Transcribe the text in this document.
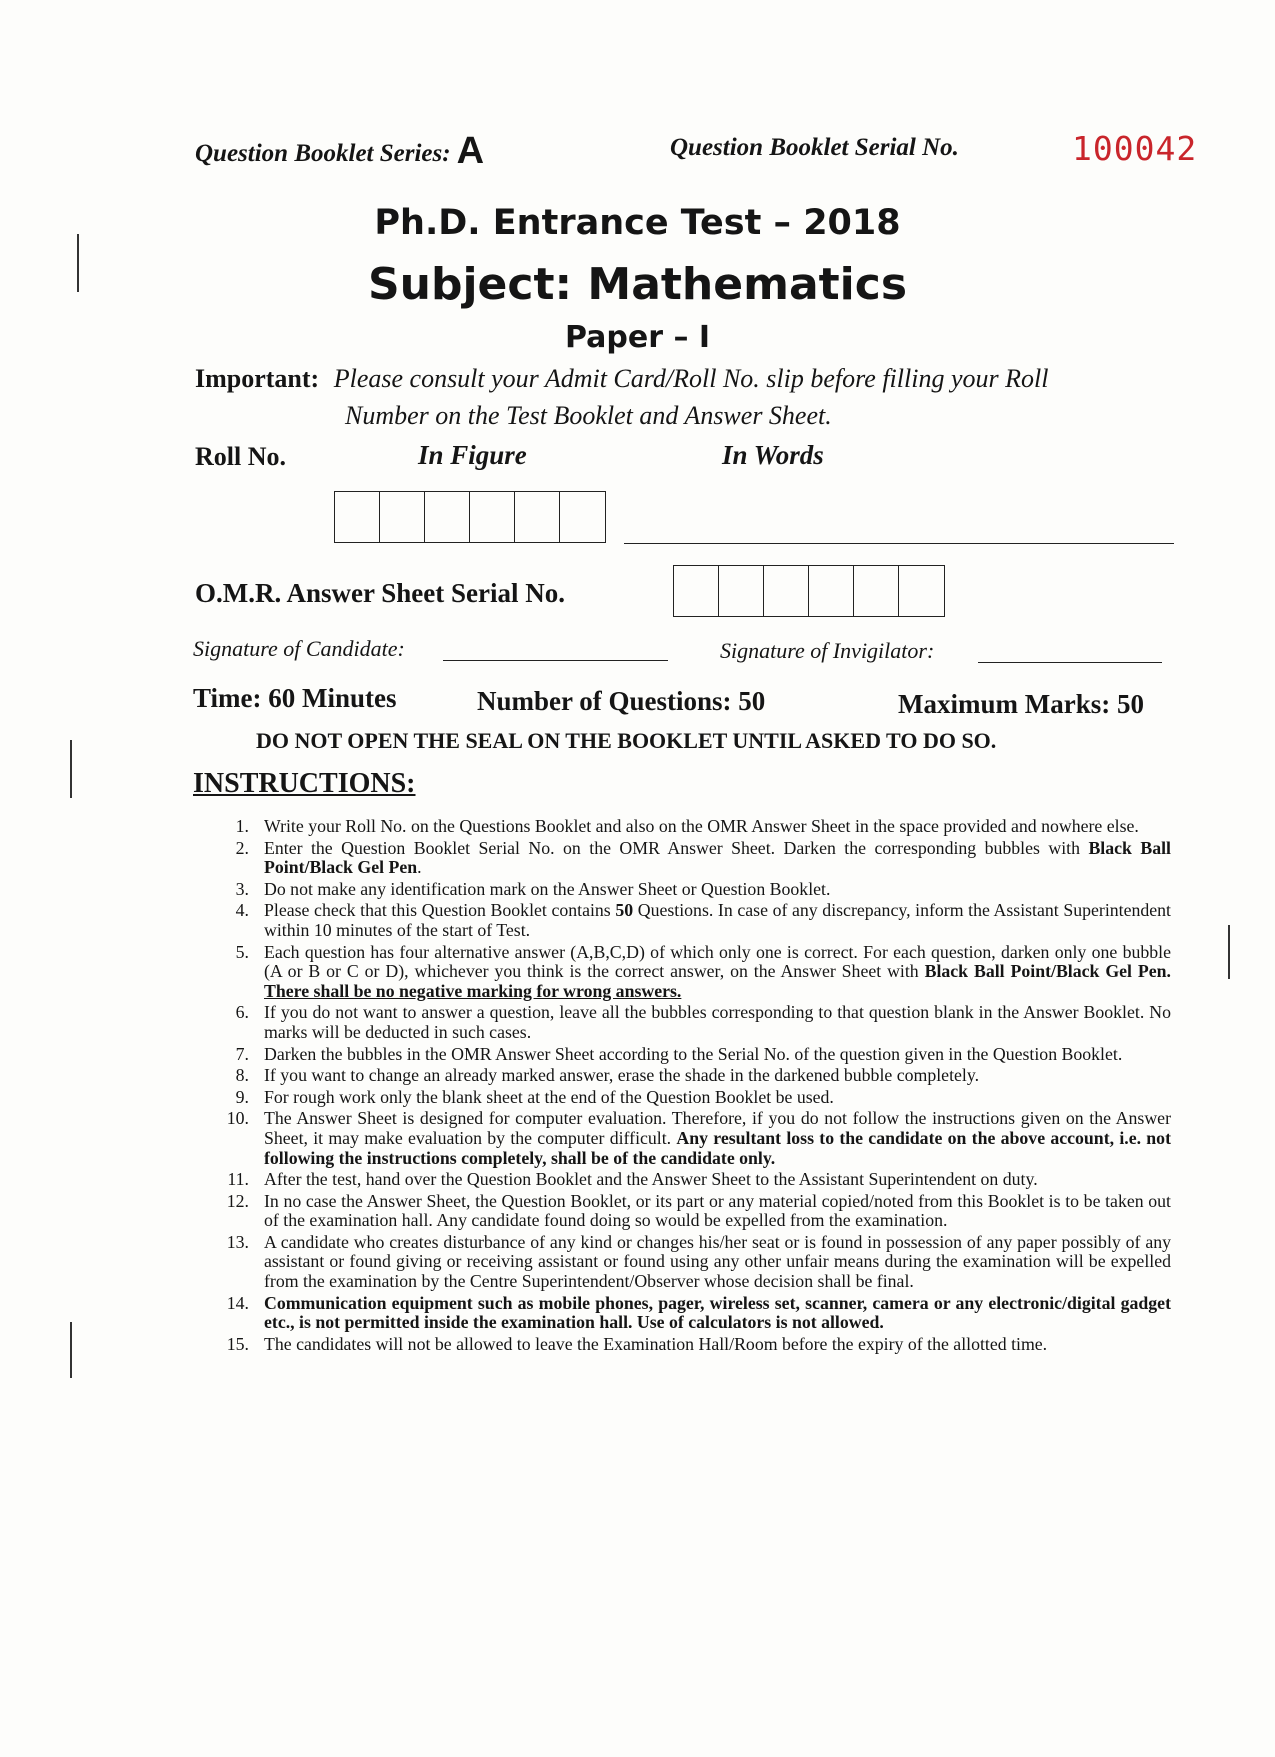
Question Booklet Series: A	Question Booklet Serial No.	100042
Ph.D. Entrance Test – 2018
Subject: Mathematics
Paper – I
Important: Please consult your Admit Card/Roll No. slip before filling your Roll
Number on the Test Booklet and Answer Sheet.
Roll No.	In Figure	In Words
O.M.R. Answer Sheet Serial No.
Signature of Candidate:	Signature of Invigilator:
Time: 60 Minutes	Number of Questions: 50	Maximum Marks: 50
DO NOT OPEN THE SEAL ON THE BOOKLET UNTIL ASKED TO DO SO.
INSTRUCTIONS:
1. Write your Roll No. on the Questions Booklet and also on the OMR Answer Sheet in the space provided and nowhere else.
2. Enter the Question Booklet Serial No. on the OMR Answer Sheet. Darken the corresponding bubbles with Black Ball Point/Black Gel Pen.
3. Do not make any identification mark on the Answer Sheet or Question Booklet.
4. Please check that this Question Booklet contains 50 Questions. In case of any discrepancy, inform the Assistant Superintendent within 10 minutes of the start of Test.
5. Each question has four alternative answer (A,B,C,D) of which only one is correct. For each question, darken only one bubble (A or B or C or D), whichever you think is the correct answer, on the Answer Sheet with Black Ball Point/Black Gel Pen. There shall be no negative marking for wrong answers.
6. If you do not want to answer a question, leave all the bubbles corresponding to that question blank in the Answer Booklet. No marks will be deducted in such cases.
7. Darken the bubbles in the OMR Answer Sheet according to the Serial No. of the question given in the Question Booklet.
8. If you want to change an already marked answer, erase the shade in the darkened bubble completely.
9. For rough work only the blank sheet at the end of the Question Booklet be used.
10. The Answer Sheet is designed for computer evaluation. Therefore, if you do not follow the instructions given on the Answer Sheet, it may make evaluation by the computer difficult. Any resultant loss to the candidate on the above account, i.e. not following the instructions completely, shall be of the candidate only.
11. After the test, hand over the Question Booklet and the Answer Sheet to the Assistant Superintendent on duty.
12. In no case the Answer Sheet, the Question Booklet, or its part or any material copied/noted from this Booklet is to be taken out of the examination hall. Any candidate found doing so would be expelled from the examination.
13. A candidate who creates disturbance of any kind or changes his/her seat or is found in possession of any paper possibly of any assistant or found giving or receiving assistant or found using any other unfair means during the examination will be expelled from the examination by the Centre Superintendent/Observer whose decision shall be final.
14. Communication equipment such as mobile phones, pager, wireless set, scanner, camera or any electronic/digital gadget etc., is not permitted inside the examination hall. Use of calculators is not allowed.
15. The candidates will not be allowed to leave the Examination Hall/Room before the expiry of the allotted time.
